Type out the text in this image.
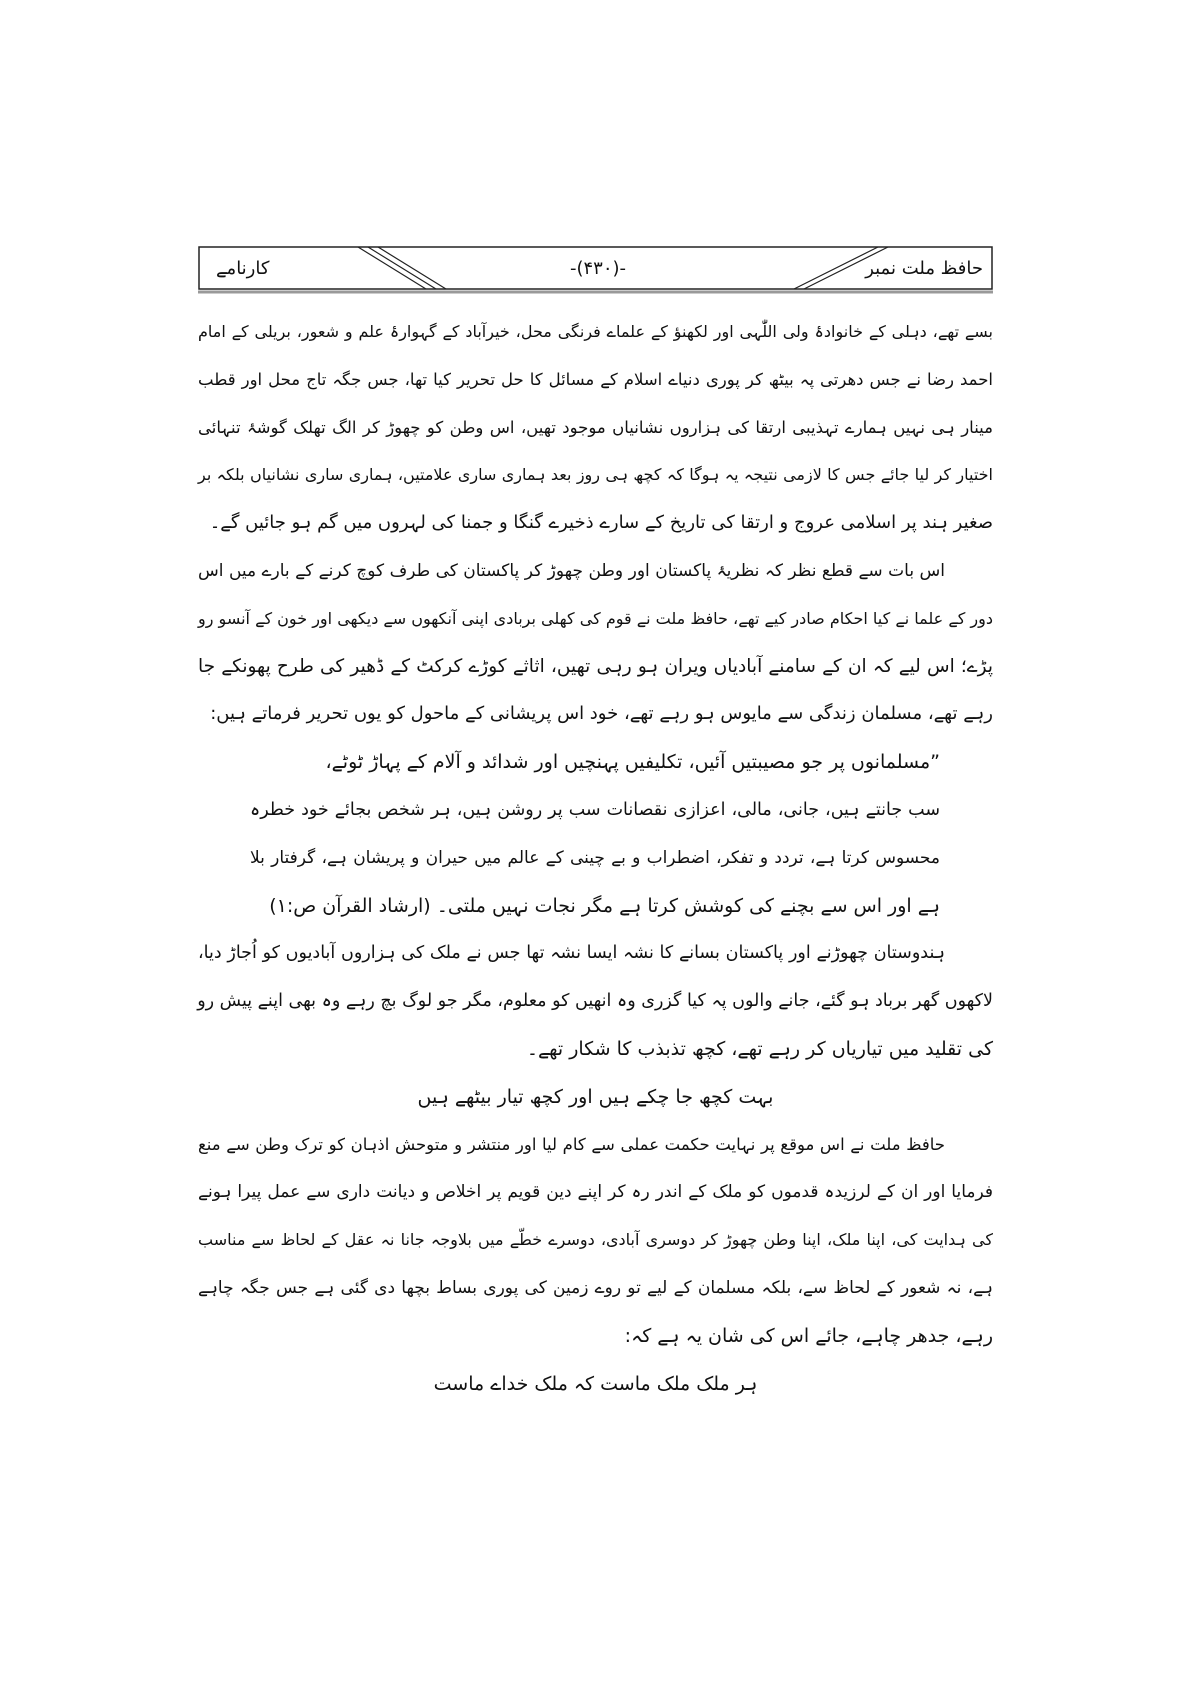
حافظ ملت نمبر
-(۴۳۰)-
کارنامے
بسے تھے، دہلی کے خانوادۂ ولی اللّٰہی اور لکھنؤ کے علماے فرنگی محل، خیرآباد کے گہوارۂ علم و شعور، بریلی کے امام
احمد رضا نے جس دھرتی پہ بیٹھ کر پوری دنیاے اسلام کے مسائل کا حل تحریر کیا تھا، جس جگہ تاج محل اور قطب
مینار ہی نہیں ہمارے تہذیبی ارتقا کی ہزاروں نشانیاں موجود تھیں، اس وطن کو چھوڑ کر الگ تھلک گوشۂ تنہائی
اختیار کر لیا جائے جس کا لازمی نتیجہ یہ ہوگا کہ کچھ ہی روز بعد ہماری ساری علامتیں، ہماری ساری نشانیاں بلکہ بر
صغیر ہند پر اسلامی عروج و ارتقا کی تاریخ کے سارے ذخیرے گنگا و جمنا کی لہروں میں گم ہو جائیں گے۔
اس بات سے قطع نظر کہ نظریۂ پاکستان اور وطن چھوڑ کر پاکستان کی طرف کوچ کرنے کے بارے میں اس
دور کے علما نے کیا احکام صادر کیے تھے، حافظ ملت نے قوم کی کھلی بربادی اپنی آنکھوں سے دیکھی اور خون کے آنسو رو
پڑے؛ اس لیے کہ ان کے سامنے آبادیاں ویران ہو رہی تھیں، اثاثے کوڑے کرکٹ کے ڈھیر کی طرح پھونکے جا
رہے تھے، مسلمان زندگی سے مایوس ہو رہے تھے، خود اس پریشانی کے ماحول کو یوں تحریر فرماتے ہیں:
”مسلمانوں پر جو مصیبتیں آئیں، تکلیفیں پہنچیں اور شدائد و آلام کے پہاڑ ٹوٹے،
سب جانتے ہیں، جانی، مالی، اعزازی نقصانات سب پر روشن ہیں، ہر شخص بجائے خود خطرہ
محسوس کرتا ہے، تردد و تفکر، اضطراب و بے چینی کے عالم میں حیران و پریشان ہے، گرفتار بلا
ہے اور اس سے بچنے کی کوشش کرتا ہے مگر نجات نہیں ملتی۔ (ارشاد القرآن ص:۱)
ہندوستان چھوڑنے اور پاکستان بسانے کا نشہ ایسا نشہ تھا جس نے ملک کی ہزاروں آبادیوں کو اُجاڑ دیا،
لاکھوں گھر برباد ہو گئے، جانے والوں پہ کیا گزری وہ انھیں کو معلوم، مگر جو لوگ بچ رہے وہ بھی اپنے پیش رو
کی تقلید میں تیاریاں کر رہے تھے، کچھ تذبذب کا شکار تھے۔
بہت کچھ جا چکے ہیں اور کچھ تیار بیٹھے ہیں
حافظ ملت نے اس موقع پر نہایت حکمت عملی سے کام لیا اور منتشر و متوحش اذہان کو ترک وطن سے منع
فرمایا اور ان کے لرزیدہ قدموں کو ملک کے اندر رہ کر اپنے دین قویم پر اخلاص و دیانت داری سے عمل پیرا ہونے
کی ہدایت کی، اپنا ملک، اپنا وطن چھوڑ کر دوسری آبادی، دوسرے خطّے میں بلاوجہ جانا نہ عقل کے لحاظ سے مناسب
ہے، نہ شعور کے لحاظ سے، بلکہ مسلمان کے لیے تو روے زمین کی پوری بساط بچھا دی گئی ہے جس جگہ چاہے
رہے، جدھر چاہے، جائے اس کی شان یہ ہے کہ:
ہر ملک ملک ماست کہ ملک خداے ماست
